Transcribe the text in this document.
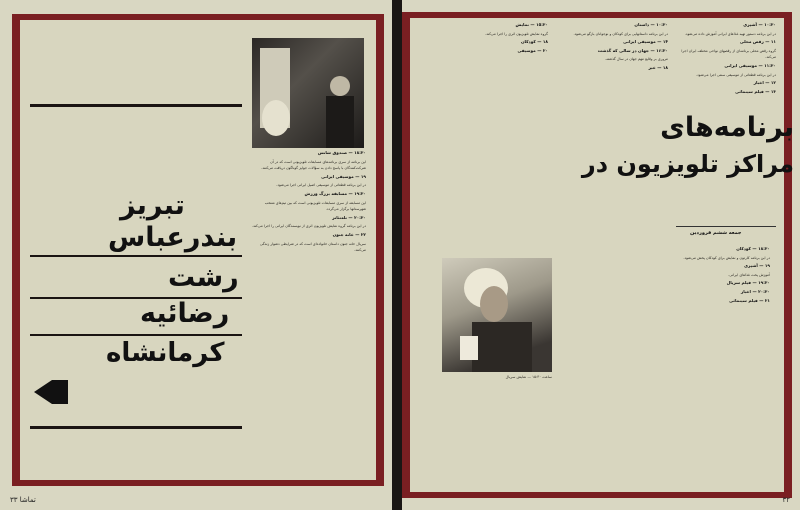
برنامه‌های
مراکز تلویزیون در
تبریز
بندرعباس
رشت
رضائیه
کرمانشاه

۱۸:۳۰ — صندوق شانس

این برنامه از سری برنامه‌های مسابقات تلویزیونی است که در آن شرکت‌کنندگان با پاسخ دادن به سؤالات جوایز گوناگون دریافت می‌کنند.

۱۹ — موسیقی ایرانی

در این برنامه قطعاتی از موسیقی اصیل ایرانی اجرا می‌شود.

۱۹:۳۰ — مسابقه بزرگ ورزش

این مسابقه از سری مسابقات تلویزیونی است که بین تیم‌های منتخب شهرستانها برگزار می‌گردد.

۲۰:۳۰ — تله‌تئاتر

در این برنامه گروه نمایش تلویزیون اثری از نویسندگان ایرانی را اجرا می‌کند.

۲۲ — خانه جنون

سریال خانه جنون داستان خانواده‌ای است که در شرایطی دشوار زندگی می‌کنند.

تماشا ۳۳

۱۰:۳۰ — آشپزی

در این برنامه دستور تهیه غذاهای ایرانی آموزش داده می‌شود.

۱۱ — رقص محلی

گروه رقص محلی برنامه‌ای از رقصهای نواحی مختلف ایران اجرا می‌کند.

۱۱:۳۰ — موسیقی ایرانی

در این برنامه قطعاتی از موسیقی سنتی اجرا می‌شود.

۱۲ — اخبار

۱۳ — فیلم سینمائی

۱۰:۳۰ — داستان

در این برنامه داستانهایی برای کودکان و نوجوانان بازگو می‌شود.

۱۴ — موسیقی ایرانی

۱۶:۳۰ — جهان در سالی که گذشت

مروری بر وقایع مهم جهان در سال گذشته.

۱۸ — خبر

۱۵:۳۰ — نمایش

گروه نمایش تلویزیون اثری را اجرا می‌کند.

۱۸ — کودکان

۲۰ — موسیقی

جمعه ششم فروردین
ساعت ۱۵:۳۰ — نمایش سریال

۱۸:۳۰ — کودکان

در این برنامه کارتون و نمایش برای کودکان پخش می‌شود.

۱۹ — آشپزی

آموزش پخت غذاهای ایرانی.

۱۹:۳۰ — فیلم سریال

۲۰:۳۰ — اخبار

۲۱ — فیلم سینمائی

۳۲
